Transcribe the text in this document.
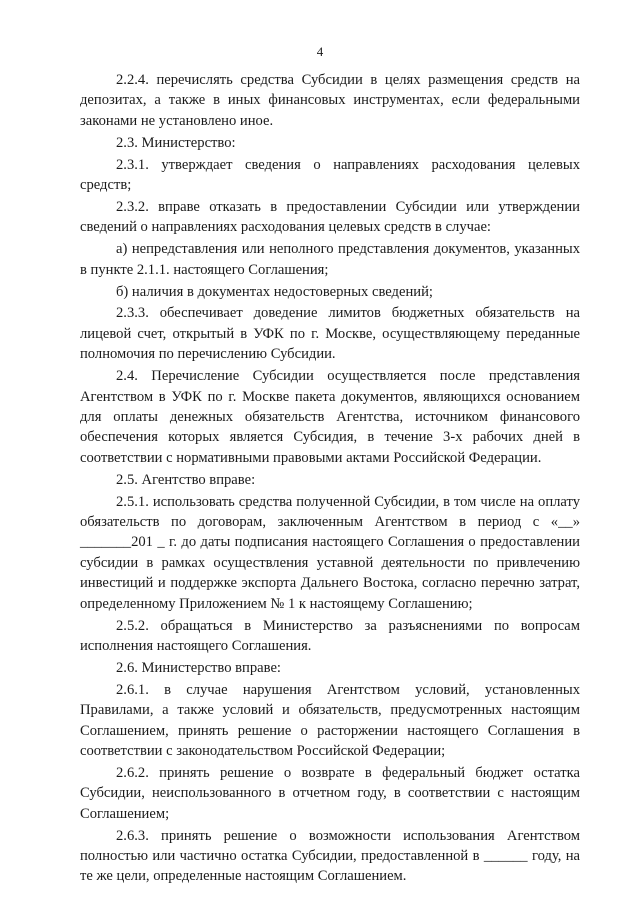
4

2.2.4. перечислять средства Субсидии в целях размещения средств на депозитах, а также в иных финансовых инструментах, если федеральными законами не установлено иное.

2.3. Министерство:

2.3.1. утверждает сведения о направлениях расходования целевых средств;

2.3.2. вправе отказать в предоставлении Субсидии или утверждении сведений о направлениях расходования целевых средств в случае:

а) непредставления или неполного представления документов, указанных в пункте 2.1.1. настоящего Соглашения;

б) наличия в документах недостоверных сведений;

2.3.3. обеспечивает доведение лимитов бюджетных обязательств на лицевой счет, открытый в УФК по г. Москве, осуществляющему переданные полномочия по перечислению Субсидии.

2.4. Перечисление Субсидии осуществляется после представления Агентством в УФК по г. Москве пакета документов, являющихся основанием для оплаты денежных обязательств Агентства, источником финансового обеспечения которых является Субсидия, в течение 3-х рабочих дней в соответствии с нормативными правовыми актами Российской Федерации.

2.5. Агентство вправе:

2.5.1. использовать средства полученной Субсидии, в том числе на оплату обязательств по договорам, заключенным Агентством в период с «__» _______201 _ г. до даты подписания настоящего Соглашения о предоставлении субсидии в рамках осуществления уставной деятельности по привлечению инвестиций и поддержке экспорта Дальнего Востока, согласно перечню затрат, определенному Приложением № 1 к настоящему Соглашению;

2.5.2. обращаться в Министерство за разъяснениями по вопросам исполнения настоящего Соглашения.

2.6. Министерство вправе:

2.6.1. в случае нарушения Агентством условий, установленных Правилами, а также условий и обязательств, предусмотренных настоящим Соглашением, принять решение о расторжении настоящего Соглашения в соответствии с законодательством Российской Федерации;

2.6.2. принять решение о возврате в федеральный бюджет остатка Субсидии, неиспользованного в отчетном году, в соответствии с настоящим Соглашением;

2.6.3. принять решение о возможности использования Агентством полностью или частично остатка Субсидии, предоставленной в ______ году, на те же цели, определенные настоящим Соглашением.
